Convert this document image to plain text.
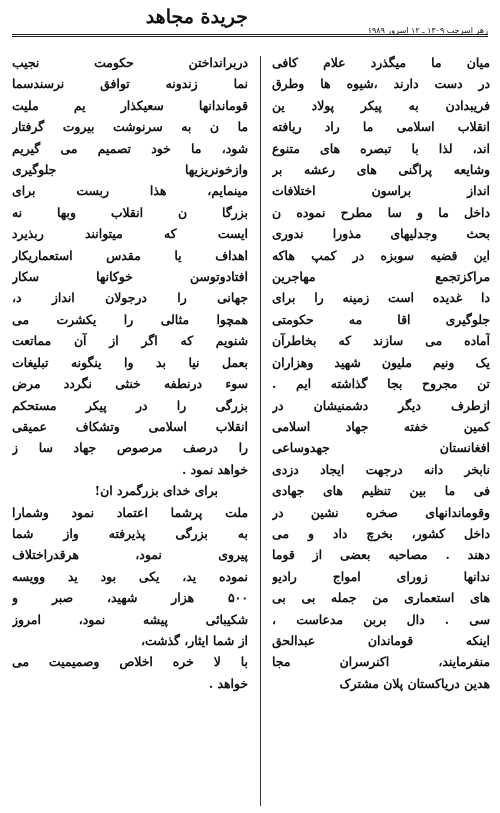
جريدة مجاهد
زهر اسرجب ۱۳۰۹ ـ ۱۲ اسرور ۱۹۸۹
میان ما میگذرد علام کافی
در دست دارند ،شیوه ها وطرق
فریبدادن به پیکر پولاد ین
انقلاب اسلامی ما راد ریافته
اند، لذا با تبصره های متنوع
وشایعه پراگنی های رعشه بر
انداز براسون اختلافات
داخل ما و سا مطرح نموده ن
بحث وجدلیهای مذورا ندوری
این قضیه سوبزه در کمپ هاکه
مراکزتجمع مهاجرین
دا غدیده است زمینه را برای
جلوگیری اقا مه حکومتی
آماده می سازند که بخاطرآن
یک ونیم ملیون شهید وهزاران
تن مجروح بجا گذاشته ایم .
ازطرف دیگر دشمنیشان در
کمین خفته جهاد اسلامی
افغانستان جهدوساعی
نابخر دانه درجهت ایجاد دزدی
فی ما بین تنظیم های جهادی
وقوماندانهای صخره نشین در
داخل کشور، بخرچ داد و می
دهند . مصاحبه بعضی از قوما
ندانها زورای امواج رادیو
های استعماری من جمله بی بی
سی . دال بربن مدعاست ،
اینکه قوماندان عبدالحق
منفرمایند، اکنرسران مجا
هدین دریاکستان پلان مشترک
دربرانداختن حکومت نجیب
نما زندونه توافق نرسندسما
قوماندانها سعیکذار یم ملیت
ما ن به سرنوشت بیروت گرفتار
شود، ما خود تصمیم می گیریم
وازخونریزیها جلوگیری
مینمایم، هذا ربست برای
بزرگا ن انقلاب وبها نه
ایست که میتوانند ربذیرد
اهداف یا مقدس استعماریکار
افتادوتوسن خوکانها سکار
جهانی را درجولان انداز د،
همچوا مثالی را یکشرت می
شنویم که اگر از آن مماتعت
بعمل نیا بد وا ینگونه تبلیغات
سوء درنطفه خنثی نگردد مرض
بزرگی را در پیکر مستحکم
انقلاب اسلامی وتشکاف عمیقی
را درصف مرصوص جهاد سا ز
خواهد نمود .
برای خدای بزرگمرد ان!
ملت پرشما اعتماد نمود وشمارا
به بزرگی پذیرفته واز شما
پیروی نمود، هرقدراختلاف
نموده ید، یکی بود ید وویسه
۵۰۰ هزار شهید، صبر و
شکیبائی پیشه نمود، امروز
از شما ایثار، گذشت،
با لا خره اخلاص وصمیمیت می
خواهد .
